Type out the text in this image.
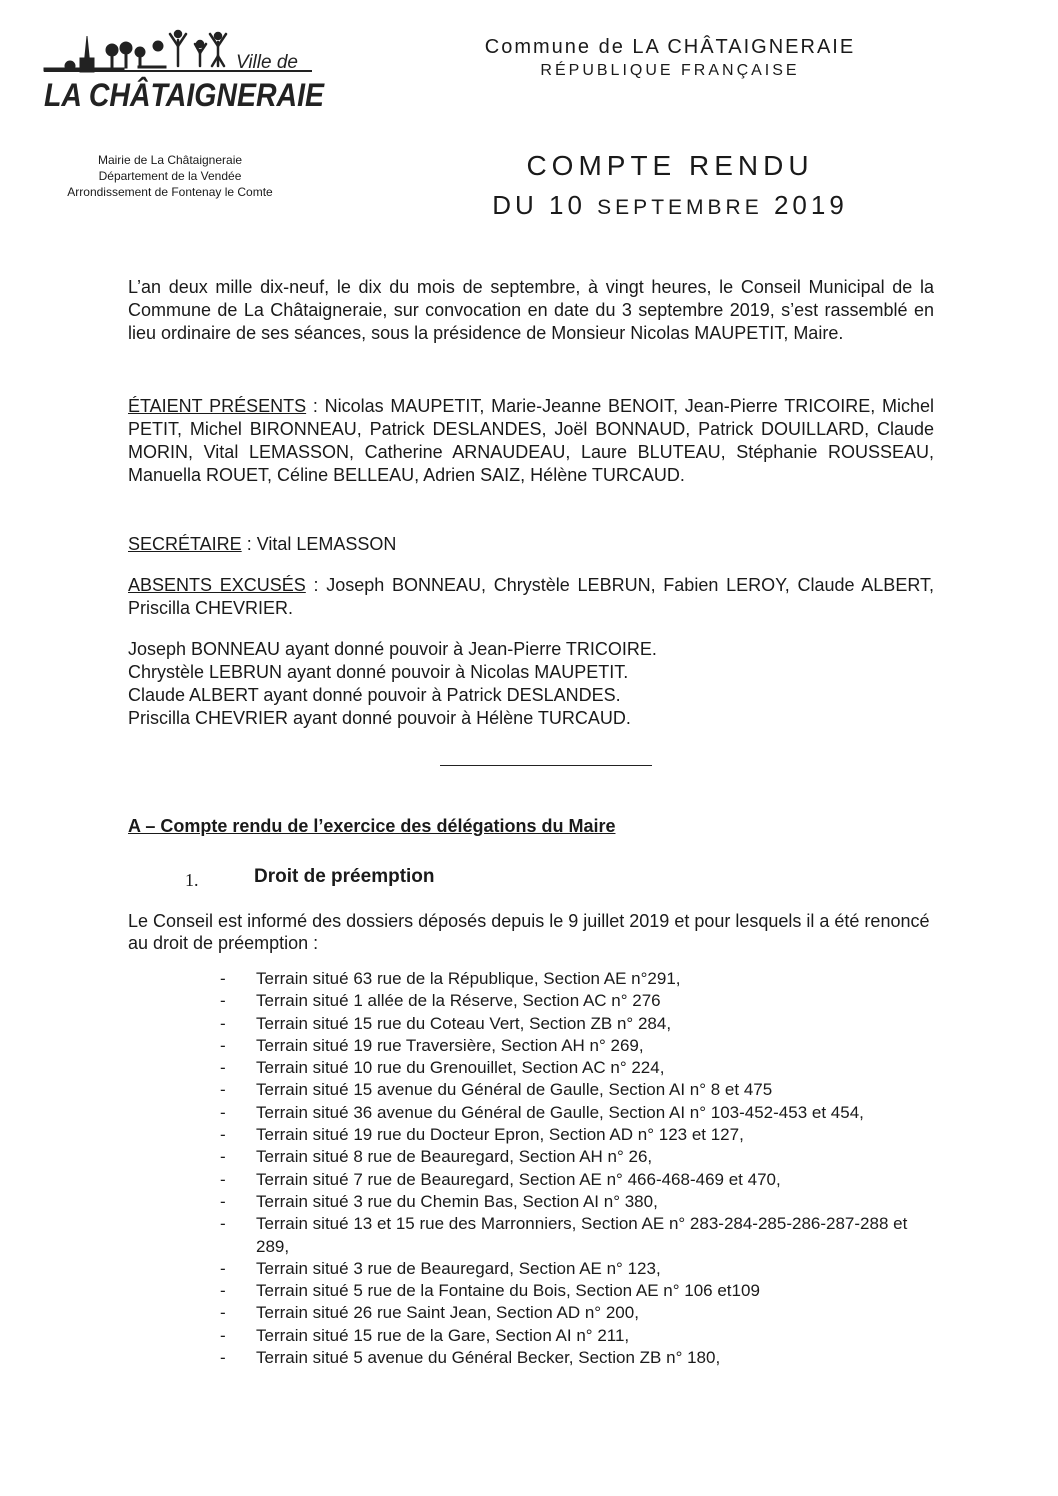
Ville de
LA CHÂTAIGNERAIE
Commune de LA CHÂTAIGNERAIE
RÉPUBLIQUE FRANÇAISE
Mairie de La Châtaigneraie
Département de la Vendée
Arrondissement de Fontenay le Comte
COMPTE RENDU
DU 10 SEPTEMBRE 2019
L’an deux mille dix-neuf, le dix du mois de septembre, à vingt heures, le Conseil Municipal de la Commune de La Châtaigneraie, sur convocation en date du 3 septembre 2019, s’est rassemblé en lieu ordinaire de ses séances, sous la présidence de Monsieur Nicolas MAUPETIT, Maire.
ÉTAIENT PRÉSENTS : Nicolas MAUPETIT, Marie-Jeanne BENOIT, Jean-Pierre TRICOIRE, Michel PETIT, Michel BIRONNEAU, Patrick DESLANDES, Joël BONNAUD, Patrick DOUILLARD, Claude MORIN, Vital LEMASSON, Catherine ARNAUDEAU, Laure BLUTEAU, Stéphanie ROUSSEAU, Manuella ROUET, Céline BELLEAU, Adrien SAIZ, Hélène TURCAUD.
SECRÉTAIRE : Vital LEMASSON
ABSENTS EXCUSÉS : Joseph BONNEAU, Chrystèle LEBRUN, Fabien LEROY, Claude ALBERT, Priscilla CHEVRIER.
Joseph BONNEAU ayant donné pouvoir à Jean-Pierre TRICOIRE.
Chrystèle LEBRUN ayant donné pouvoir à Nicolas MAUPETIT.
Claude ALBERT ayant donné pouvoir à Patrick DESLANDES.
Priscilla CHEVRIER ayant donné pouvoir à Hélène TURCAUD.
A – Compte rendu de l’exercice des délégations du Maire
1.	Droit de préemption
Le Conseil est informé des dossiers déposés depuis le 9 juillet 2019 et pour lesquels il a été renoncé au droit de préemption :
- Terrain situé 63 rue de la République, Section AE n°291,
- Terrain situé 1 allée de la Réserve, Section AC n° 276
- Terrain situé 15 rue du Coteau Vert, Section ZB n° 284,
- Terrain situé 19 rue Traversière, Section AH n° 269,
- Terrain situé 10 rue du Grenouillet, Section AC n° 224,
- Terrain situé 15 avenue du Général de Gaulle, Section AI n° 8 et 475
- Terrain situé 36 avenue du Général de Gaulle, Section AI n° 103-452-453 et 454,
- Terrain situé 19 rue du Docteur Epron, Section AD n° 123 et 127,
- Terrain situé 8 rue de Beauregard, Section AH n° 26,
- Terrain situé 7 rue de Beauregard, Section AE n° 466-468-469 et 470,
- Terrain situé 3 rue du Chemin Bas, Section AI n° 380,
- Terrain situé 13 et 15 rue des Marronniers, Section AE n° 283-284-285-286-287-288 et 289,
- Terrain situé 3 rue de Beauregard, Section AE n° 123,
- Terrain situé 5 rue de la Fontaine du Bois, Section AE n° 106 et109
- Terrain situé 26 rue Saint Jean, Section AD n° 200,
- Terrain situé 15 rue de la Gare, Section AI n° 211,
- Terrain situé 5 avenue du Général Becker, Section ZB n° 180,
